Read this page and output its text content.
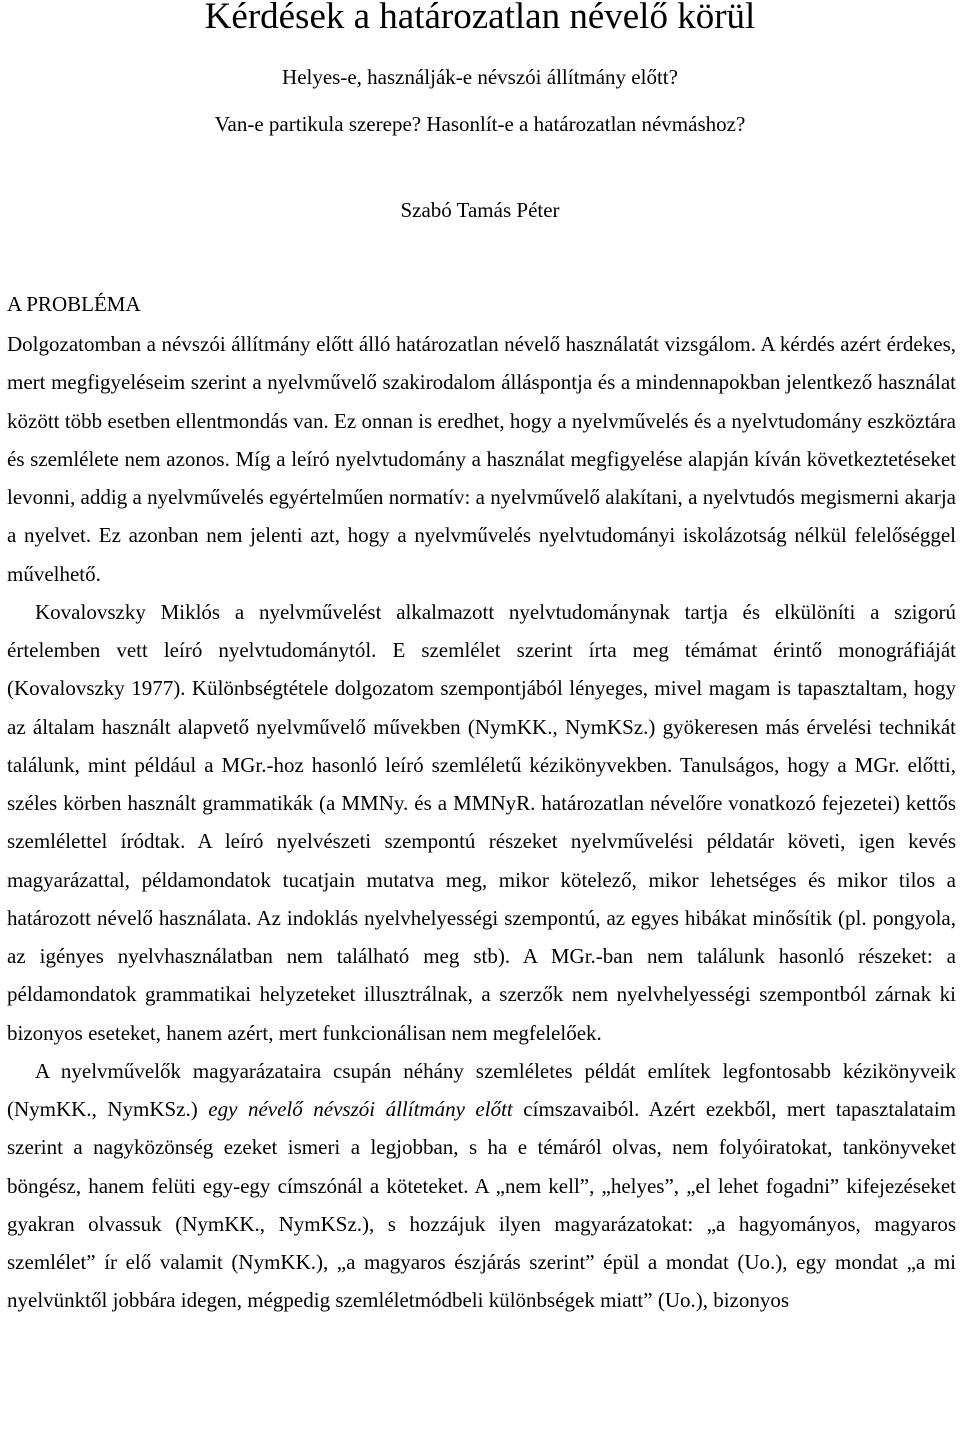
Kérdések a határozatlan névelő körül
Helyes-e, használják-e névszói állítmány előtt?
Van-e partikula szerepe? Hasonlít-e a határozatlan névmáshoz?
Szabó Tamás Péter
A PROBLÉMA

Dolgozatomban a névszói állítmány előtt álló határozatlan névelő használatát vizsgálom. A kérdés azért érdekes, mert megfigyeléseim szerint a nyelvművelő szakirodalom álláspontja és a mindennapokban jelentkező használat között több esetben ellentmondás van. Ez onnan is eredhet, hogy a nyelvművelés és a nyelvtudomány eszköztára és szemlélete nem azonos. Míg a leíró nyelvtudomány a használat megfigyelése alapján kíván következtetéseket levonni, addig a nyelvművelés egyértelműen normatív: a nyelvművelő alakítani, a nyelvtudós megismerni akarja a nyelvet. Ez azonban nem jelenti azt, hogy a nyelvművelés nyelvtudományi iskolázotság nélkül felelőséggel művelhető.

Kovalovszky Miklós a nyelvművelést alkalmazott nyelvtudománynak tartja és elkülöníti a szigorú értelemben vett leíró nyelvtudománytól. E szemlélet szerint írta meg témámat érintő monográfiáját (Kovalovszky 1977). Különbségtétele dolgozatom szempontjából lényeges, mivel magam is tapasztaltam, hogy az általam használt alapvető nyelvművelő művekben (NymKK., NymKSz.) gyökeresen más érvelési technikát találunk, mint például a MGr.-hoz hasonló leíró szemléletű kézikönyvekben. Tanulságos, hogy a MGr. előtti, széles körben használt grammatikák (a MMNy. és a MMNyR. határozatlan névelőre vonatkozó fejezetei) kettős szemlélettel íródtak. A leíró nyelvészeti szempontú részeket nyelvművelési példatár követi, igen kevés magyarázattal, példamondatok tucatjain mutatva meg, mikor kötelező, mikor lehetséges és mikor tilos a határozott névelő használata. Az indoklás nyelvhelyességi szempontú, az egyes hibákat minősítik (pl. pongyola, az igényes nyelvhasználatban nem található meg stb). A MGr.-ban nem találunk hasonló részeket: a példamondatok grammatikai helyzeteket illusztrálnak, a szerzők nem nyelvhelyességi szempontból zárnak ki bizonyos eseteket, hanem azért, mert funkcionálisan nem megfelelőek.

A nyelvművelők magyarázataira csupán néhány szemléletes példát említek legfontosabb kézikönyveik (NymKK., NymKSz.) egy névelő névszói állítmány előtt címszavaiból. Azért ezekből, mert tapasztalataim szerint a nagyközönség ezeket ismeri a legjobban, s ha e témáról olvas, nem folyóiratokat, tankönyveket böngész, hanem felüti egy-egy címszónál a köteteket. A „nem kell”, „helyes”, „el lehet fogadni” kifejezéseket gyakran olvassuk (NymKK., NymKSz.), s hozzájuk ilyen magyarázatokat: „a hagyományos, magyaros szemlélet” ír elő valamit (NymKK.), „a magyaros észjárás szerint” épül a mondat (Uo.), egy mondat „a mi nyelvünktől jobbára idegen, mégpedig szemléletmódbeli különbségek miatt” (Uo.), bizonyos
